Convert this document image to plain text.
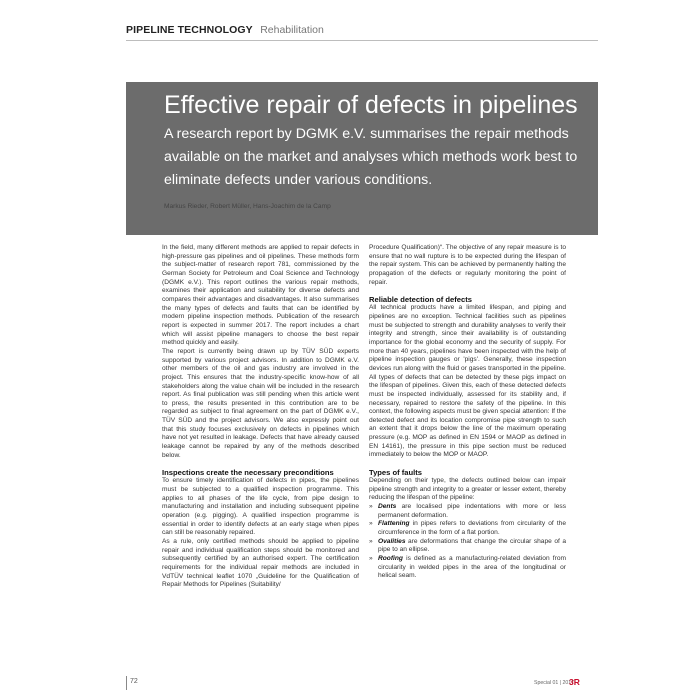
PIPELINE TECHNOLOGY Rehabilitation
Effective repair of defects in pipelines
A research report by DGMK e.V. summarises the repair methods available on the market and analyses which methods work best to eliminate defects under various conditions.
Markus Rieder, Robert Müller, Hans-Joachim de la Camp

In the field, many different methods are applied to repair defects in high-pressure gas pipelines and oil pipelines. These methods form the subject-matter of research report 781, commissioned by the German Society for Petroleum and Coal Science and Technology (DGMK e.V.). This report outlines the various repair methods, examines their application and suitability for diverse defects and compares their advantages and disadvantages. It also summarises the many types of defects and faults that can be identified by modern pipeline inspection methods. Publication of the research report is expected in summer 2017. The report includes a chart which will assist pipeline managers to choose the best repair method quickly and easily.

The report is currently being drawn up by TÜV SÜD experts supported by various project advisors. In addition to DGMK e.V. other members of the oil and gas industry are involved in the project. This ensures that the industry-specific know-how of all stakeholders along the value chain will be included in the research report. As final publication was still pending when this article went to press, the results presented in this contribution are to be regarded as subject to final agreement on the part of DGMK e.V., TÜV SÜD and the project advisors. We also expressly point out that this study focuses exclusively on defects in pipelines which have not yet resulted in leakage. Defects that have already caused leakage cannot be repaired by any of the methods described below.

Inspections create the necessary preconditions

To ensure timely identification of defects in pipes, the pipelines must be subjected to a qualified inspection programme. This applies to all phases of the life cycle, from pipe design to manufacturing and installation and including subsequent pipeline operation (e.g. pigging). A qualified inspection programme is essential in order to identify defects at an early stage when pipes can still be reasonably repaired.

As a rule, only certified methods should be applied to pipeline repair and individual qualification steps should be monitored and subsequently certified by an authorised expert. The certification requirements for the individual repair methods are included in VdTÜV technical leaflet 1070 „Guideline for the Qualification of Repair Methods for Pipelines (Suitability/

Procedure Qualification)“. The objective of any repair measure is to ensure that no wall rupture is to be expected during the lifespan of the repair system. This can be achieved by permanently halting the propagation of the defects or regularly monitoring the point of repair.

Reliable detection of defects

All technical products have a limited lifespan, and piping and pipelines are no exception. Technical facilities such as pipelines must be subjected to strength and durability analyses to verify their integrity and strength, since their availability is of outstanding importance for the global economy and the security of supply. For more than 40 years, pipelines have been inspected with the help of pipeline inspection gauges or 'pigs'. Generally, these inspection devices run along with the fluid or gases transported in the pipeline.

All types of defects that can be detected by these pigs impact on the lifespan of pipelines. Given this, each of these detected defects must be inspected individually, assessed for its stability and, if necessary, repaired to restore the safety of the pipeline. In this context, the following aspects must be given special attention: If the detected defect and its location compromise pipe strength to such an extent that it drops below the line of the maximum operating pressure (e.g. MOP as defined in EN 1594 or MAOP as defined in EN 14161), the pressure in this pipe section must be reduced immediately to below the MOP or MAOP.

Types of faults

Depending on their type, the defects outlined below can impair pipeline strength and integrity to a greater or lesser extent, thereby reducing the lifespan of the pipeline:

» Dents are localised pipe indentations with more or less permanent deformation.
» Flattening in pipes refers to deviations from circularity of the circumference in the form of a flat portion.
» Ovalities are deformations that change the circular shape of a pipe to an ellipse.
» Roofing is defined as a manufacturing-related deviation from circularity in welded pipes in the area of the longitudinal or helical seam.
72	Special 01 | 2017
3R
